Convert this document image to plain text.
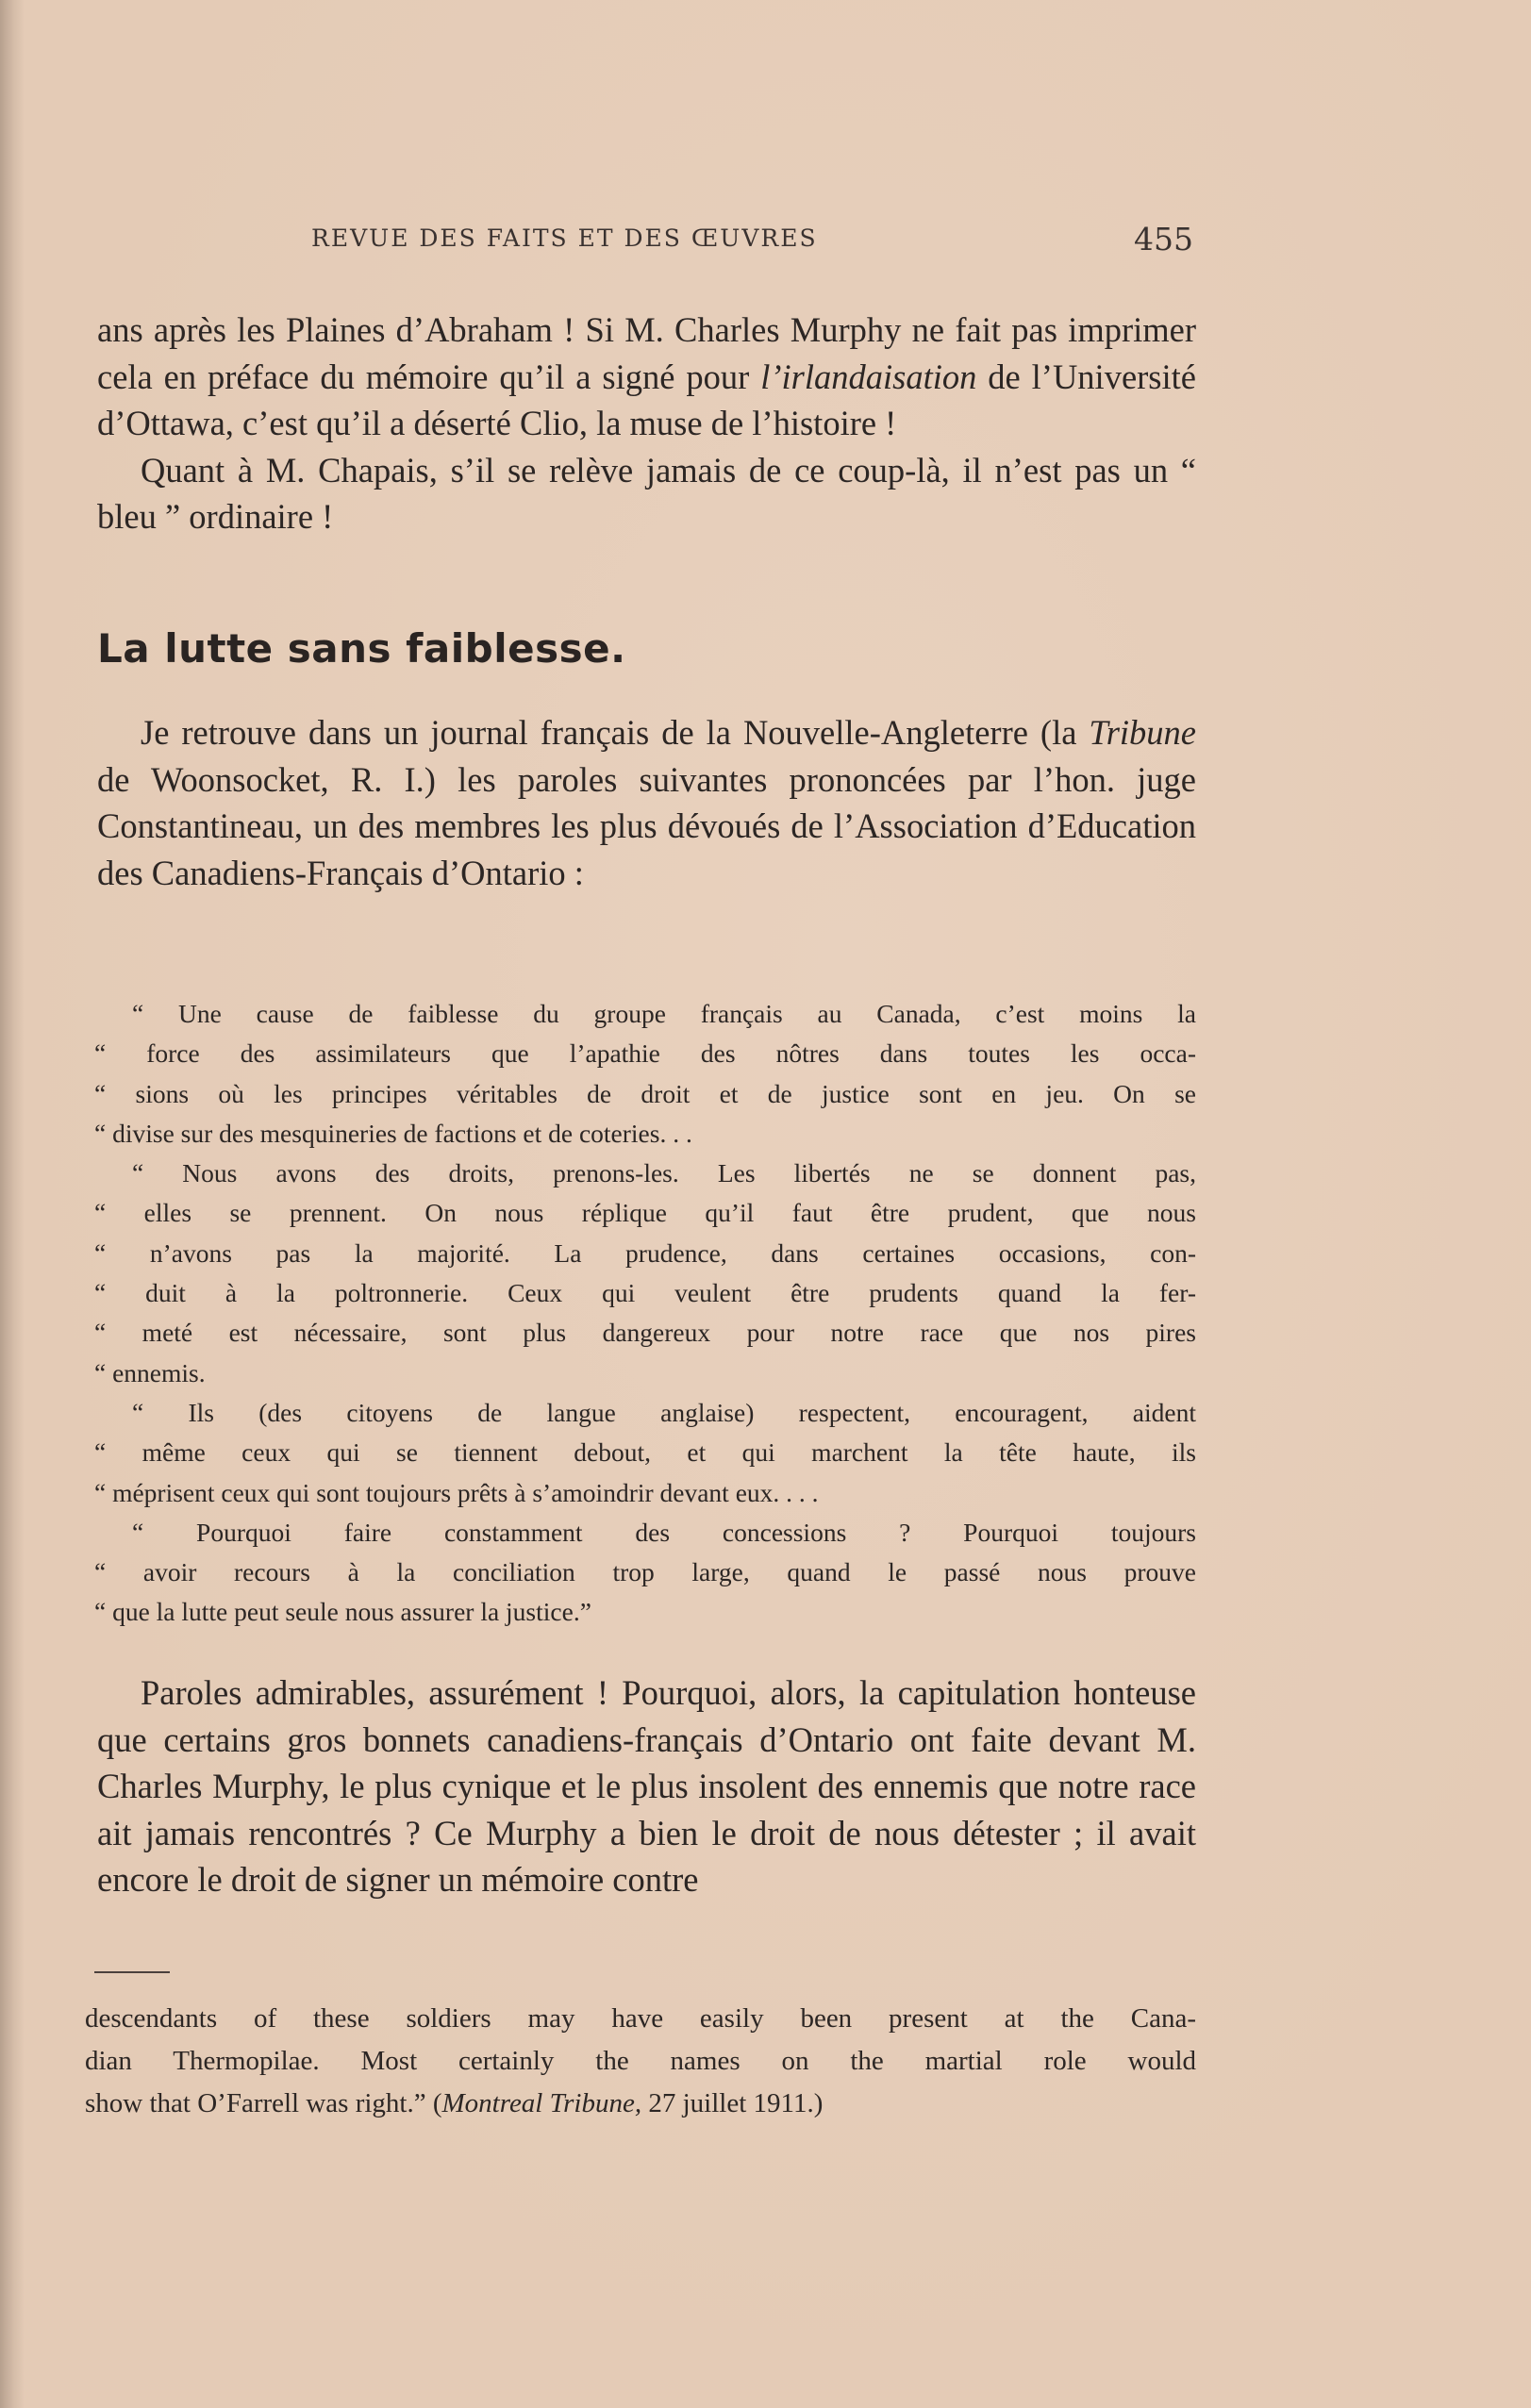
REVUE DES FAITS ET DES ŒUVRES	455

ans après les Plaines d’Abraham ! Si M. Charles Murphy ne fait pas imprimer cela en préface du mémoire qu’il a signé pour l’irlandaisation de l’Université d’Ottawa, c’est qu’il a déserté Clio, la muse de l’histoire !

Quant à M. Chapais, s’il se relève jamais de ce coup-là, il n’est pas un “ bleu ” ordinaire !

La lutte sans faiblesse.

Je retrouve dans un journal français de la Nouvelle-Angleterre (la Tribune de Woonsocket, R. I.) les paroles suivantes prononcées par l’hon. juge Constantineau, un des membres les plus dévoués de l’Association d’Education des Canadiens-Français d’Ontario :

“ Une cause de faiblesse du groupe français au Canada, c’est moins la
“ force des assimilateurs que l’apathie des nôtres dans toutes les occa-
“ sions où les principes véritables de droit et de justice sont en jeu. On se
“ divise sur des mesquineries de factions et de coteries. . .
“ Nous avons des droits, prenons-les. Les libertés ne se donnent pas,
“ elles se prennent. On nous réplique qu’il faut être prudent, que nous
“ n’avons pas la majorité. La prudence, dans certaines occasions, con-
“ duit à la poltronnerie. Ceux qui veulent être prudents quand la fer-
“ meté est nécessaire, sont plus dangereux pour notre race que nos pires
“ ennemis.
“ Ils (des citoyens de langue anglaise) respectent, encouragent, aident
“ même ceux qui se tiennent debout, et qui marchent la tête haute, ils
“ méprisent ceux qui sont toujours prêts à s’amoindrir devant eux. . . .
“ Pourquoi faire constamment des concessions ? Pourquoi toujours
“ avoir recours à la conciliation trop large, quand le passé nous prouve
“ que la lutte peut seule nous assurer la justice.”

Paroles admirables, assurément ! Pourquoi, alors, la capitulation honteuse que certains gros bonnets canadiens-français d’Ontario ont faite devant M. Charles Murphy, le plus cynique et le plus insolent des ennemis que notre race ait jamais rencontrés ? Ce Murphy a bien le droit de nous détester ; il avait encore le droit de signer un mémoire contre

descendants of these soldiers may have easily been present at the Cana-
dian Thermopilae. Most certainly the names on the martial role would
show that O’Farrell was right.” (Montreal Tribune, 27 juillet 1911.)
